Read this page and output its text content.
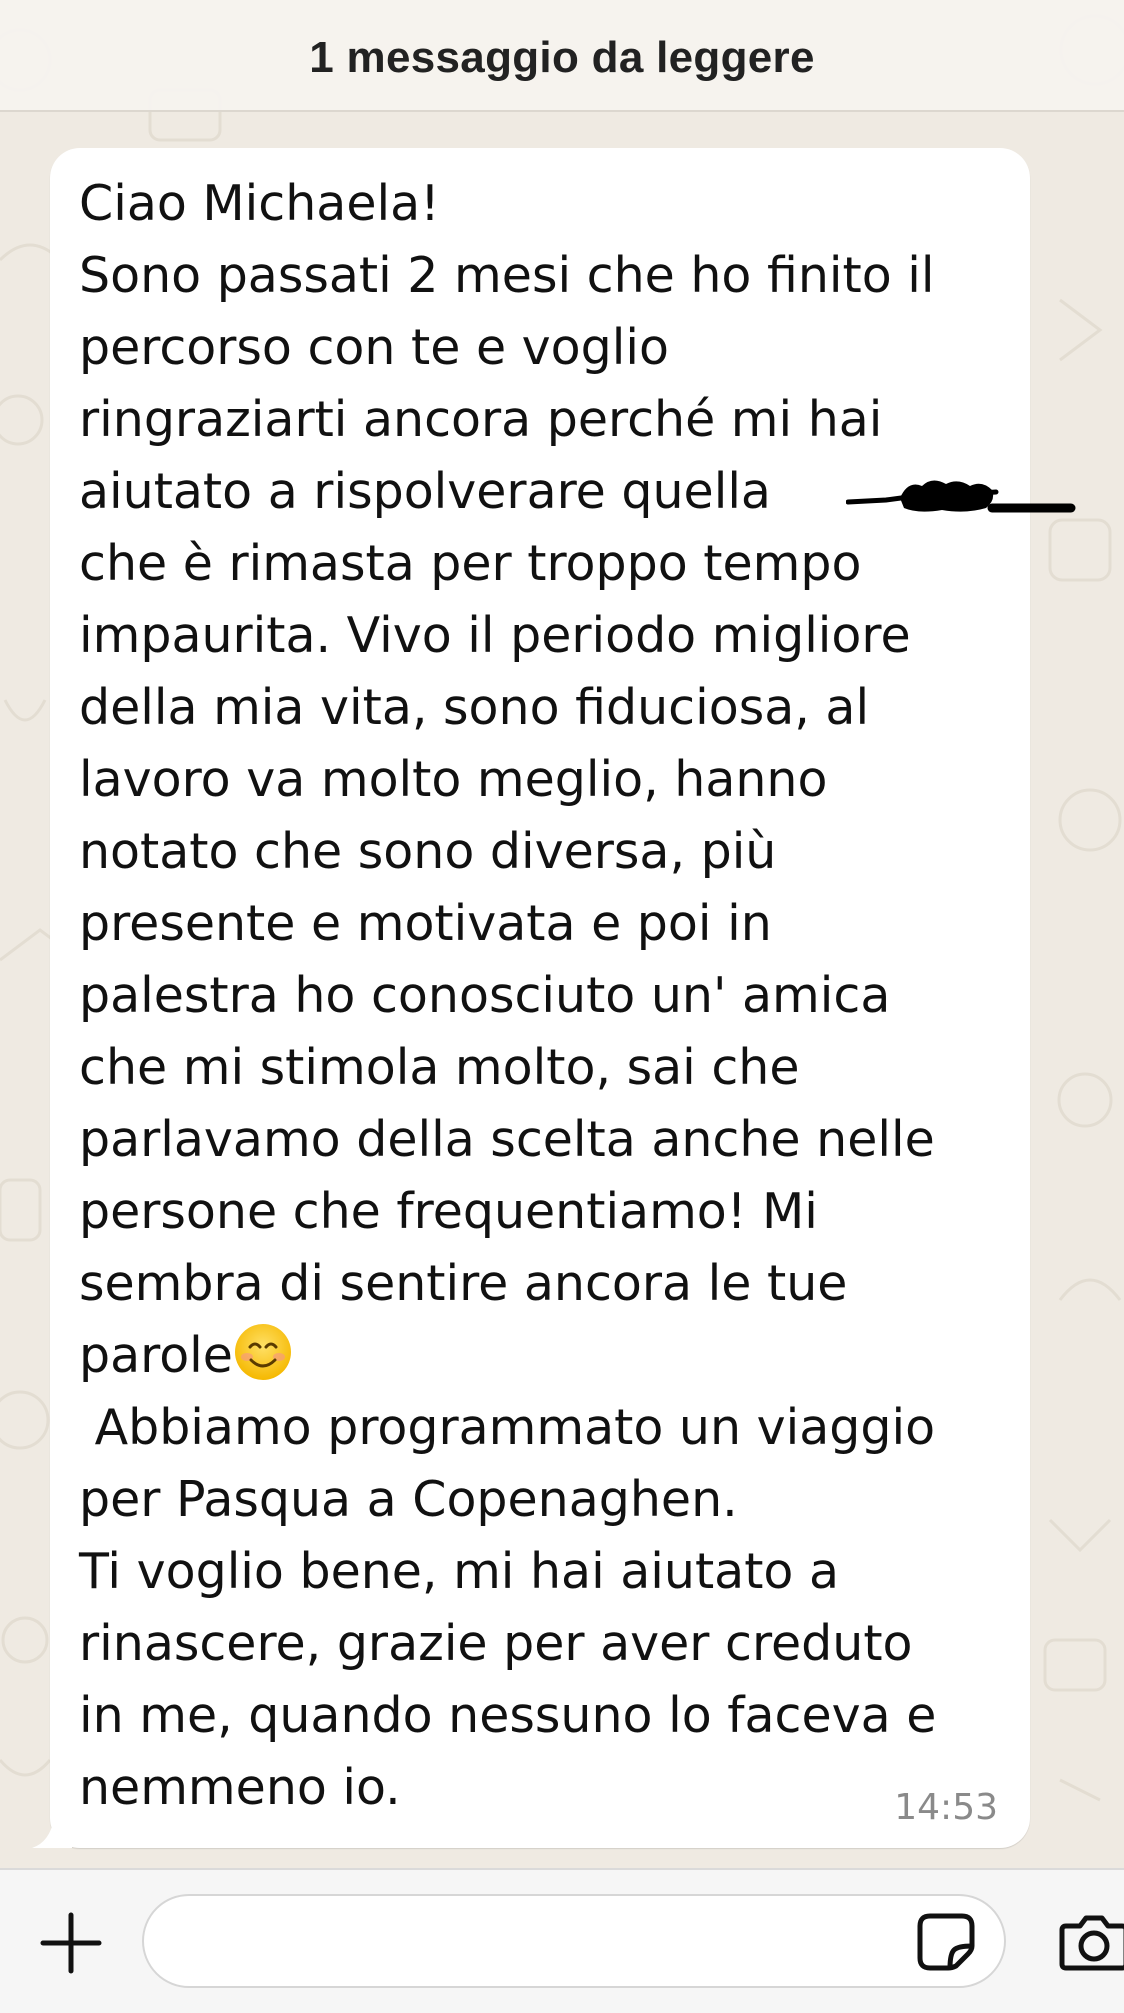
1 messaggio da leggere
Ciao Michaela!
Sono passati 2 mesi che ho finito il
percorso con te e voglio
ringraziarti ancora perché mi hai
aiutato a rispolverare quella
che è rimasta per troppo tempo
impaurita. Vivo il periodo migliore
della mia vita, sono fiduciosa, al
lavoro va molto meglio, hanno
notato che sono diversa, più
presente e motivata e poi in
palestra ho conosciuto un' amica
che mi stimola molto, sai che
parlavamo della scelta anche nelle
persone che frequentiamo! Mi
sembra di sentire ancora le tue
parole
Abbiamo programmato un viaggio
per Pasqua a Copenaghen.
Ti voglio bene, mi hai aiutato a
rinascere, grazie per aver creduto
in me, quando nessuno lo faceva e
nemmeno io.	14:53
